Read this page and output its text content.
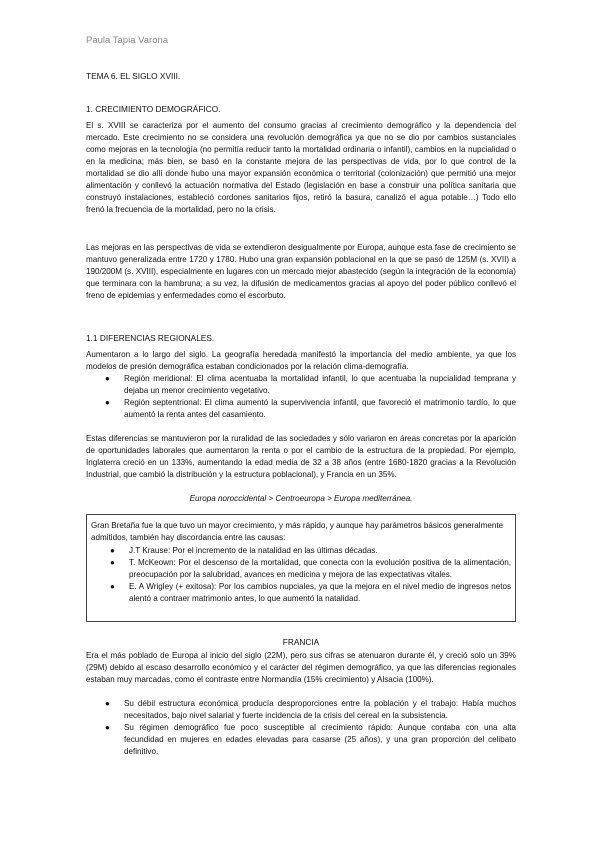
Paula Tapia Varona

TEMA 6. EL SIGLO XVIII.

1. CRECIMIENTO DEMOGRÁFICO.

El s. XVIII se caracteriza por el aumento del consumo gracias al crecimiento demográfico y la dependencia del mercado. Este crecimiento no se considera una revolución demográfica ya que no se dio por cambios sustanciales como mejoras en la tecnología (no permitía reducir tanto la mortalidad ordinaria o infantil), cambios en la nupcialidad o en la medicina; más bien, se basó en la constante mejora de las perspectivas de vida, por lo que control de la mortalidad se dio allí donde hubo una mayor expansión económica o territorial (colonización) que permitió una mejor alimentación y conllevó la actuación normativa del Estado (legislación en base a construir una política sanitaria que construyó instalaciones, estableció cordones sanitarios fijos, retiró la basura, canalizó el agua potable…) Todo ello frenó la frecuencia de la mortalidad, pero no la crisis.

Las mejoras en las perspectivas de vida se extendieron desigualmente por Europa, aunque esta fase de crecimiento se mantuvo generalizada entre 1720 y 1780. Hubo una gran expansión poblacional en la que se pasó de 125M (s. XVII) a 190/200M (s. XVIII), especialmente en lugares con un mercado mejor abastecido (según la integración de la economía) que terminara con la hambruna; a su vez, la difusión de medicamentos gracias al apoyo del poder público conllevó el freno de epidemias y enfermedades como el escorbuto.

1.1 DIFERENCIAS REGIONALES.

Aumentaron a lo largo del siglo. La geografía heredada manifestó la importancia del medio ambiente, ya que los modelos de presión demográfica estaban condicionados por la relación clima-demografía.

● Región meridional: El clima acentuaba la mortalidad infantil, lo que acentuaba la nupcialidad temprana y dejaba un menor crecimiento vegetativo.
● Región septentrional: El clima aumentó la supervivencia infantil, que favoreció el matrimonio tardío, lo que aumentó la renta antes del casamiento.

Estas diferencias se mantuvieron por la ruralidad de las sociedades y sólo variaron en áreas concretas por la aparición de oportunidades laborales que aumentaron la renta o por el cambio de la estructura de la propiedad. Por ejemplo, Inglaterra creció en un 133%, aumentando la edad media de 32 a 38 años (entre 1680-1820 gracias a la Revolución Industrial, que cambió la distribución y la estructura poblacional), y Francia en un 35%.

Europa noroccidental > Centroeuropa > Europa mediterránea.

Gran Bretaña fue la que tuvo un mayor crecimiento, y más rápido, y aunque hay parámetros básicos generalmente admitidos, también hay discordancia entre las causas:

● J.T Krause: Por el incremento de la natalidad en las últimas décadas.
● T. McKeown: Por el descenso de la mortalidad, que conecta con la evolución positiva de la alimentación, preocupación por la salubridad, avances en medicina y mejora de las expectativas vitales.
● E. A Wrigley (+ exitosa): Por los cambios nupciales, ya que la mejora en el nivel medio de ingresos netos alentó a contraer matrimonio antes, lo que aumentó la natalidad.
FRANCIA

Era el más poblado de Europa al inicio del siglo (22M), pero sus cifras se atenuaron durante él, y creció solo un 39% (29M) debido al escaso desarrollo económico y el carácter del régimen demográfico, ya que las diferencias regionales estaban muy marcadas, como el contraste entre Normandía (15% crecimiento) y Alsacia (100%).

● Su débil estructura económica producía desproporciones entre la población y el trabajo: Había muchos necesitados, bajo nivel salarial y fuerte incidencia de la crisis del cereal en la subsistencia.
● Su régimen demográfico fue poco susceptible al crecimiento rápido: Aunque contaba con una alta fecundidad en mujeres en edades elevadas para casarse (25 años), y una gran proporción del celibato definitivo.
